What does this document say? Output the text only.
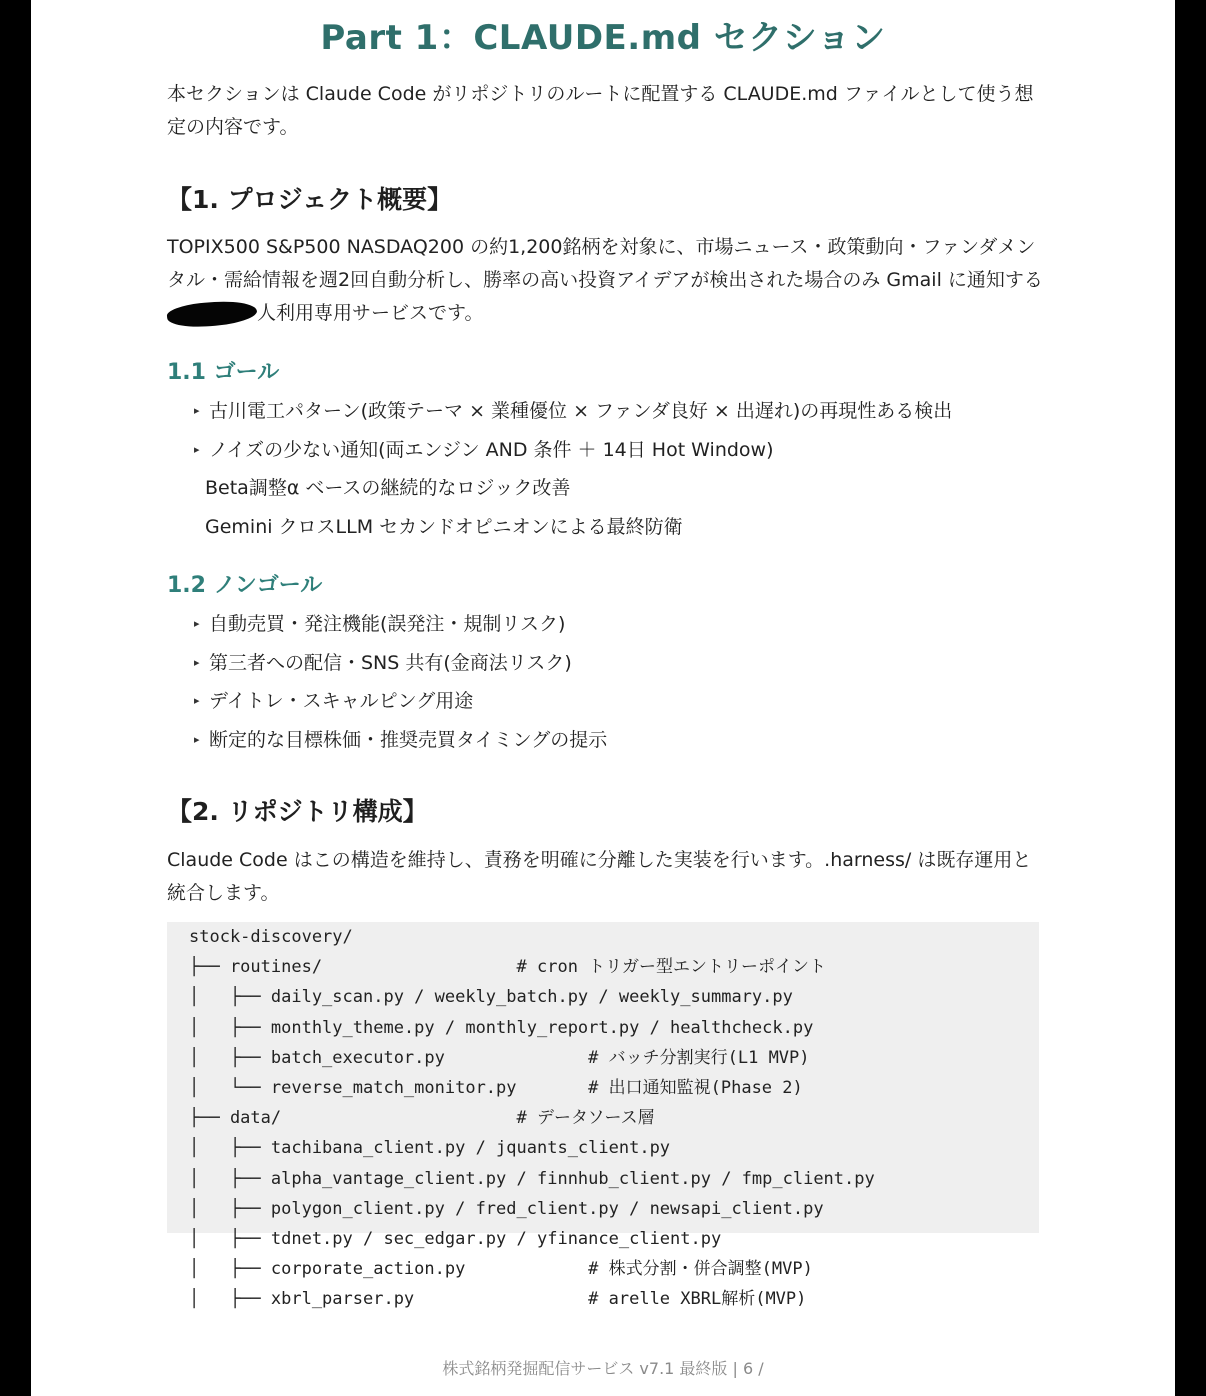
Part 1：CLAUDE.md セクション
本セクションは Claude Code がリポジトリのルートに配置する CLAUDE.md ファイルとして使う想定の内容です。
【1. プロジェクト概要】
TOPIX500 S&P500 NASDAQ200 の約1,200銘柄を対象に、市場ニュース・政策動向・ファンダメンタル・需給情報を週2回自動分析し、勝率の高い投資アイデアが検出された場合のみ Gmail に通知する人利用専用サービスです。
1.1 ゴール
▸ 古川電工パターン(政策テーマ × 業種優位 × ファンダ良好 × 出遅れ)の再現性ある検出
▸ ノイズの少ない通知(両エンジン AND 条件 ＋ 14日 Hot Window)
Beta調整α ベースの継続的なロジック改善
Gemini クロスLLM セカンドオピニオンによる最終防衛
1.2 ノンゴール
▸ 自動売買・発注機能(誤発注・規制リスク)
▸ 第三者への配信・SNS 共有(金商法リスク)
▸ デイトレ・スキャルピング用途
▸ 断定的な目標株価・推奨売買タイミングの提示
【2. リポジトリ構成】
Claude Code はこの構造を維持し、責務を明確に分離した実装を行います。.harness/ は既存運用と統合します。
stock-discovery/
├── routines/                   # cron トリガー型エントリーポイント
│   ├── daily_scan.py / weekly_batch.py / weekly_summary.py
│   ├── monthly_theme.py / monthly_report.py / healthcheck.py
│   ├── batch_executor.py              # バッチ分割実行(L1 MVP)
│   └── reverse_match_monitor.py       # 出口通知監視(Phase 2)
├── data/                       # データソース層
│   ├── tachibana_client.py / jquants_client.py
│   ├── alpha_vantage_client.py / finnhub_client.py / fmp_client.py
│   ├── polygon_client.py / fred_client.py / newsapi_client.py
│   ├── tdnet.py / sec_edgar.py / yfinance_client.py
│   ├── corporate_action.py            # 株式分割・併合調整(MVP)
│   ├── xbrl_parser.py                 # arelle XBRL解析(MVP)
株式銘柄発掘配信サービス v7.1 最終版 | 6 /
